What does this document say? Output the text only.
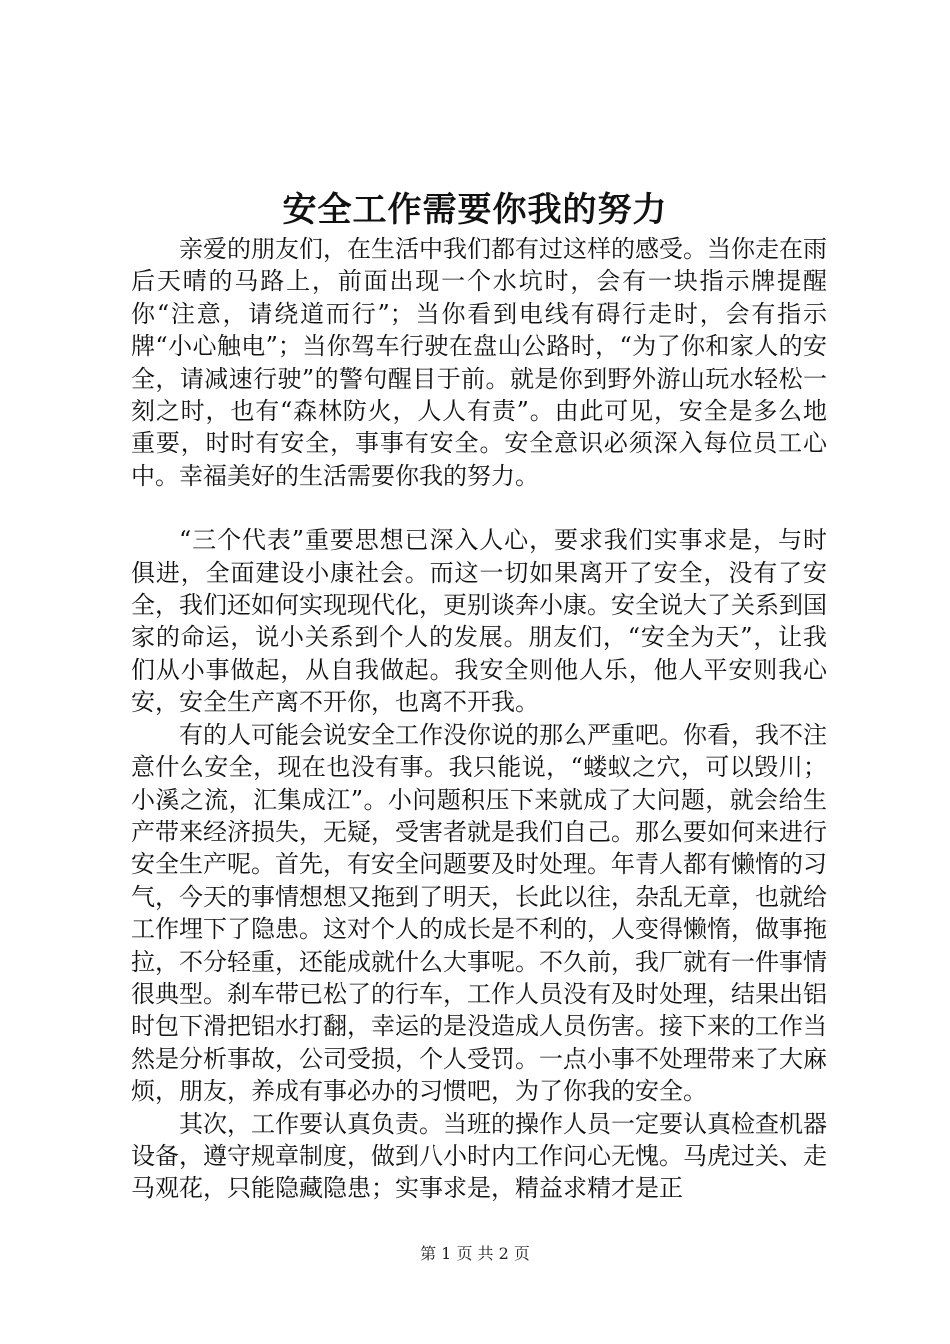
安全工作需要你我的努力

亲爱的朋友们，在生活中我们都有过这样的感受。当你走在雨后天晴的马路上，前面出现一个水坑时，会有一块指示牌提醒你“注意，请绕道而行”；当你看到电线有碍行走时，会有指示牌“小心触电”；当你驾车行驶在盘山公路时，“为了你和家人的安全，请减速行驶”的警句醒目于前。就是你到野外游山玩水轻松一刻之时，也有“森林防火，人人有责”。由此可见，安全是多么地重要，时时有安全，事事有安全。安全意识必须深入每位员工心中。幸福美好的生活需要你我的努力。

“三个代表”重要思想已深入人心，要求我们实事求是，与时俱进，全面建设小康社会。而这一切如果离开了安全，没有了安全，我们还如何实现现代化，更别谈奔小康。安全说大了关系到国家的命运，说小关系到个人的发展。朋友们，“安全为天”，让我们从小事做起，从自我做起。我安全则他人乐，他人平安则我心安，安全生产离不开你，也离不开我。

有的人可能会说安全工作没你说的那么严重吧。你看，我不注意什么安全，现在也没有事。我只能说，“蝼蚁之穴，可以毁川；小溪之流，汇集成江”。小问题积压下来就成了大问题，就会给生产带来经济损失，无疑，受害者就是我们自己。那么要如何来进行安全生产呢。首先，有安全问题要及时处理。年青人都有懒惰的习气，今天的事情想想又拖到了明天，长此以往，杂乱无章，也就给工作埋下了隐患。这对个人的成长是不利的，人变得懒惰，做事拖拉，不分轻重，还能成就什么大事呢。不久前，我厂就有一件事情很典型。刹车带已松了的行车，工作人员没有及时处理，结果出铝时包下滑把铝水打翻，幸运的是没造成人员伤害。接下来的工作当然是分析事故，公司受损，个人受罚。一点小事不处理带来了大麻烦，朋友，养成有事必办的习惯吧，为了你我的安全。

其次，工作要认真负责。当班的操作人员一定要认真检查机器设备，遵守规章制度，做到八小时内工作问心无愧。马虎过关、走马观花，只能隐藏隐患；实事求是，精益求精才是正

第 1 页 共 2 页
